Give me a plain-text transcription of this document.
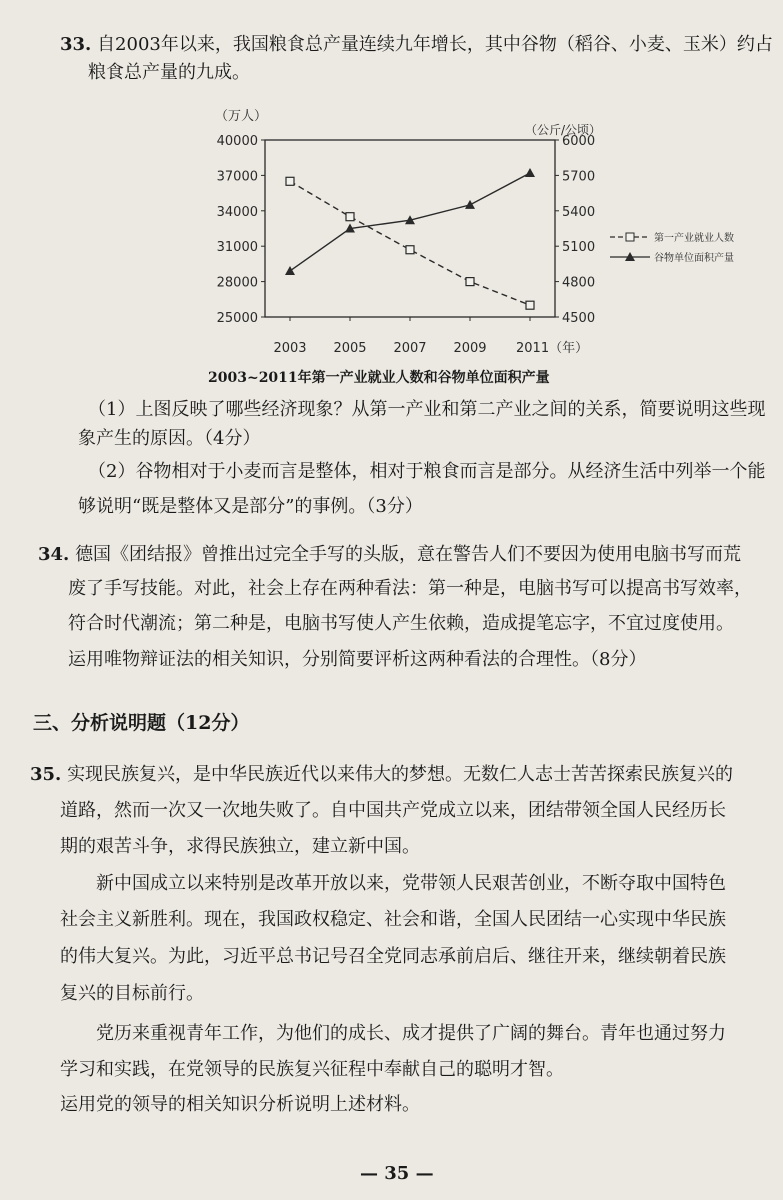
33. 自2003年以来，我国粮食总产量连续九年增长，其中谷物（稻谷、小麦、玉米）约占
粮食总产量的九成。
40000
37000
34000
31000
28000
25000
（万人）
6000
5700
5400
5100
4800
4500
（公斤/公顷）
2003 2005 2007 2009 2011（年）
第一产业就业人数
谷物单位面积产量
2003~2011年第一产业就业人数和谷物单位面积产量
（1）上图反映了哪些经济现象？从第一产业和第二产业之间的关系，简要说明这些现
象产生的原因。（4分）
（2）谷物相对于小麦而言是整体，相对于粮食而言是部分。从经济生活中列举一个能
够说明“既是整体又是部分”的事例。（3分）
34. 德国《团结报》曾推出过完全手写的头版，意在警告人们不要因为使用电脑书写而荒
废了手写技能。对此，社会上存在两种看法：第一种是，电脑书写可以提高书写效率，
符合时代潮流；第二种是，电脑书写使人产生依赖，造成提笔忘字，不宜过度使用。
运用唯物辩证法的相关知识，分别简要评析这两种看法的合理性。（8分）
三、分析说明题（12分）
35. 实现民族复兴，是中华民族近代以来伟大的梦想。无数仁人志士苦苦探索民族复兴的
道路，然而一次又一次地失败了。自中国共产党成立以来，团结带领全国人民经历长
期的艰苦斗争，求得民族独立，建立新中国。
新中国成立以来特别是改革开放以来，党带领人民艰苦创业，不断夺取中国特色
社会主义新胜利。现在，我国政权稳定、社会和谐，全国人民团结一心实现中华民族
的伟大复兴。为此，习近平总书记号召全党同志承前启后、继往开来，继续朝着民族
复兴的目标前行。
党历来重视青年工作，为他们的成长、成才提供了广阔的舞台。青年也通过努力
学习和实践，在党领导的民族复兴征程中奉献自己的聪明才智。
运用党的领导的相关知识分析说明上述材料。
— 35 —
